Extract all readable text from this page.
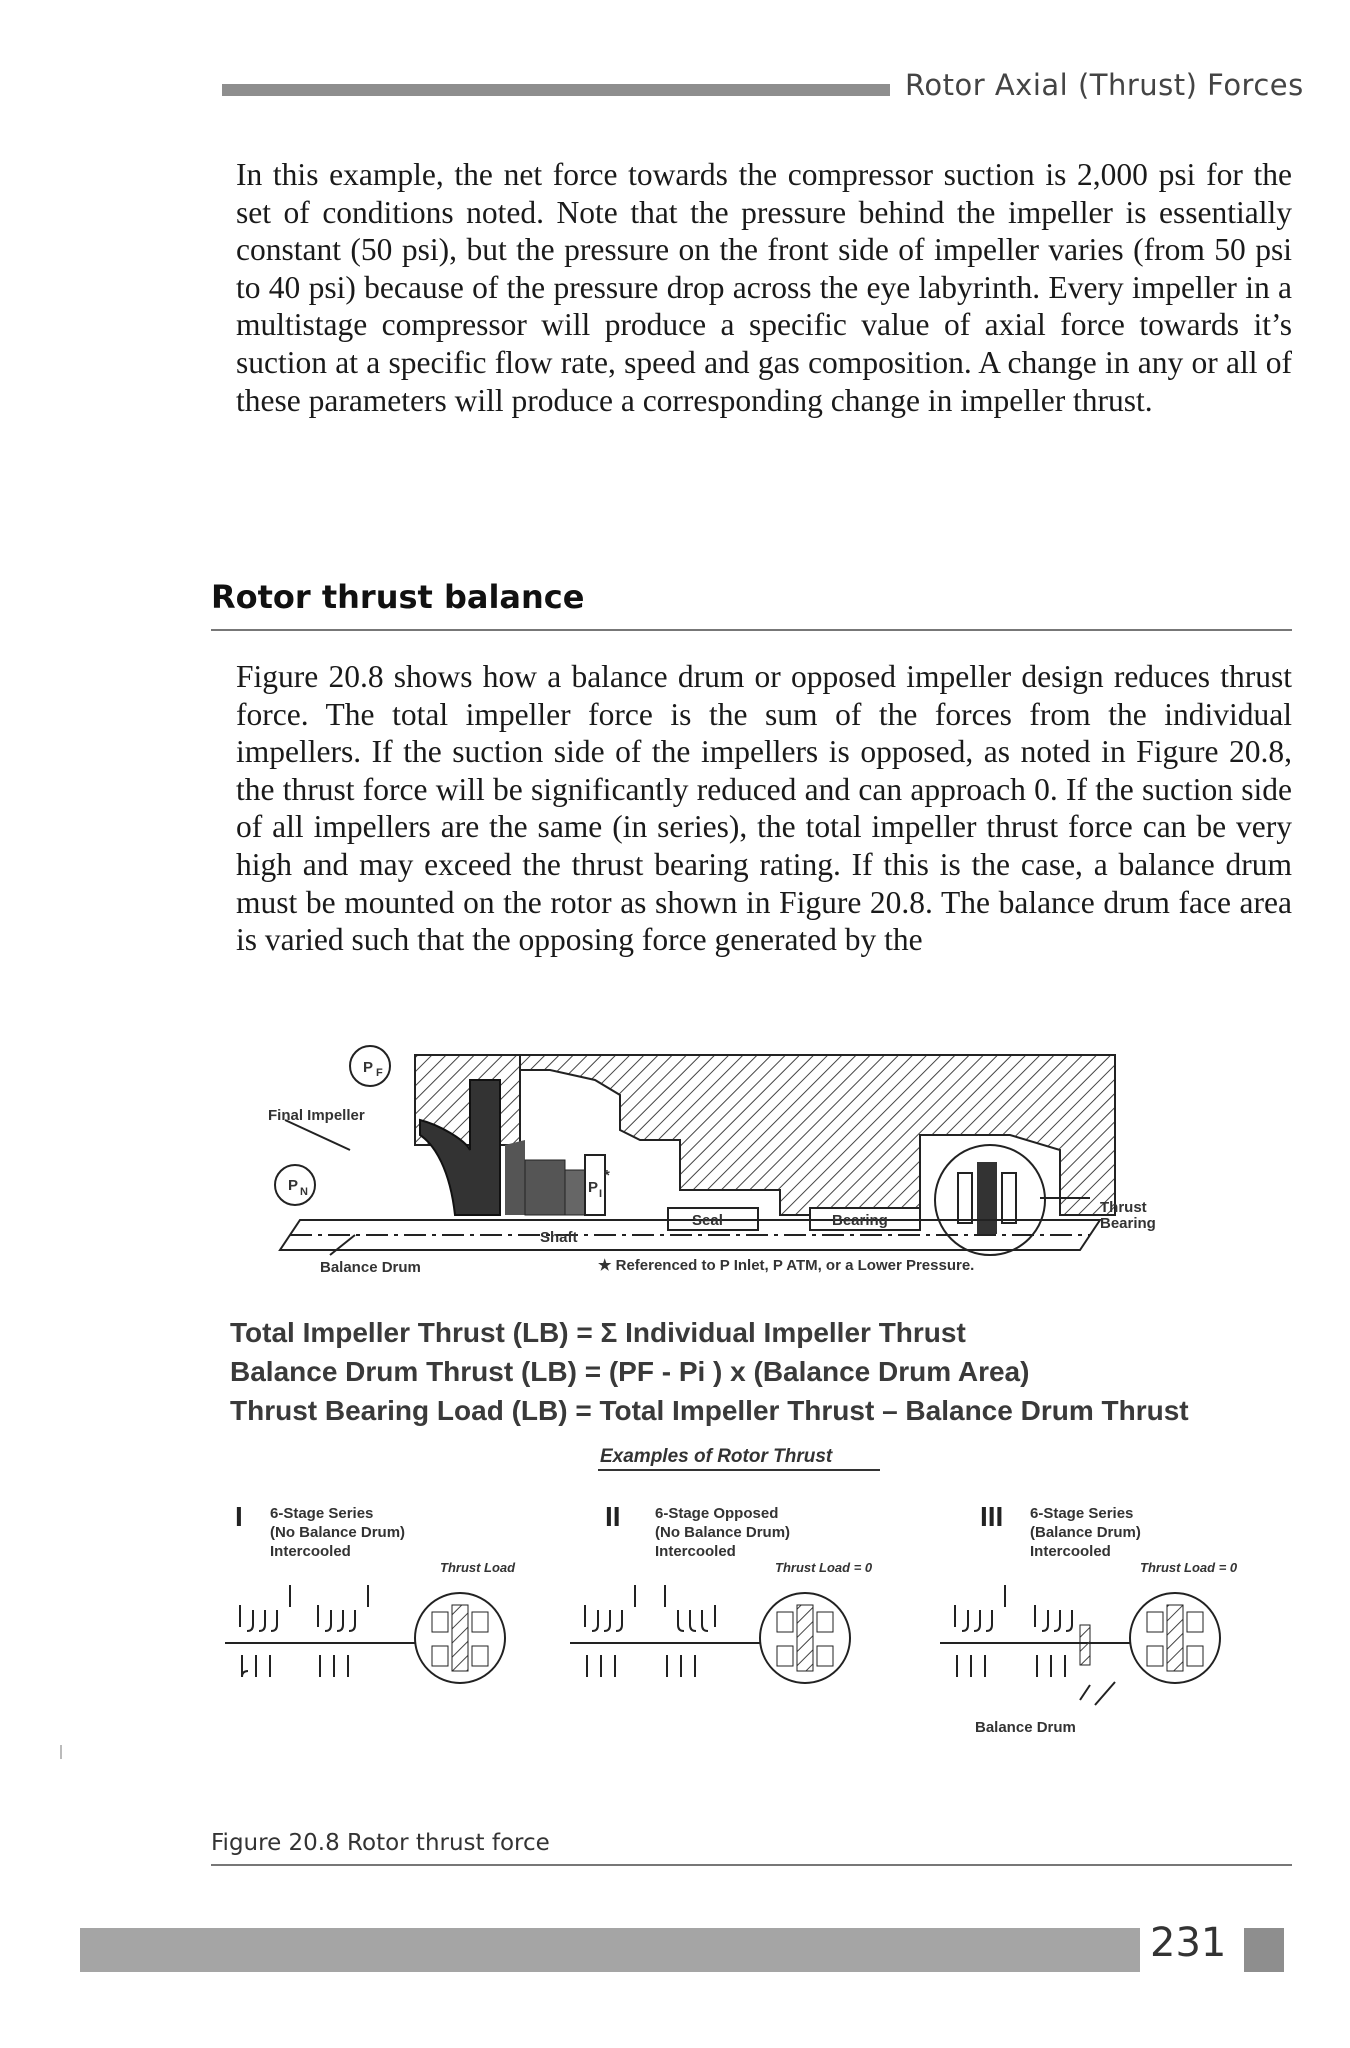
Rotor Axial (Thrust) Forces

In this example, the net force towards the compressor suction is 2,000 psi for the set of conditions noted. Note that the pressure behind the impeller is essentially constant (50 psi), but the pressure on the front side of impeller varies (from 50 psi to 40 psi) because of the pressure drop across the eye labyrinth. Every impeller in a multistage compressor will produce a specific value of axial force towards it’s suction at a specific flow rate, speed and gas composition. A change in any or all of these parameters will produce a corresponding change in impeller thrust.

Rotor thrust balance

Figure 20.8 shows how a balance drum or opposed impeller design reduces thrust force. The total impeller force is the sum of the forces from the individual impellers. If the suction side of the impellers is opposed, as noted in Figure 20.8, the thrust force will be significantly reduced and can approach 0. If the suction side of all impellers are the same (in series), the total impeller thrust force can be very high and may exceed the thrust bearing rating. If this is the case, a balance drum must be mounted on the rotor as shown in Figure 20.8. The balance drum face area is varied such that the opposing force generated by the

Final Impeller
P F
P I
*
P N
Seal	Bearing
Shaft
Thrust
Bearing
Balance Drum	★ Referenced to P Inlet, P ATM, or a Lower Pressure.
Total Impeller Thrust (LB) = Σ Individual Impeller Thrust
Balance Drum Thrust (LB) = (PF - Pi ) x (Balance Drum Area)
Thrust Bearing Load (LB) = Total Impeller Thrust – Balance Drum Thrust
Examples of Rotor Thrust
I 6-Stage Series
(No Balance Drum)
Intercooled
Thrust Load
II 6-Stage Opposed
(No Balance Drum)
Intercooled
Thrust Load = 0
III 6-Stage Series
(Balance Drum)
Intercooled
Thrust Load = 0
Balance Drum
Figure 20.8 Rotor thrust force
231
